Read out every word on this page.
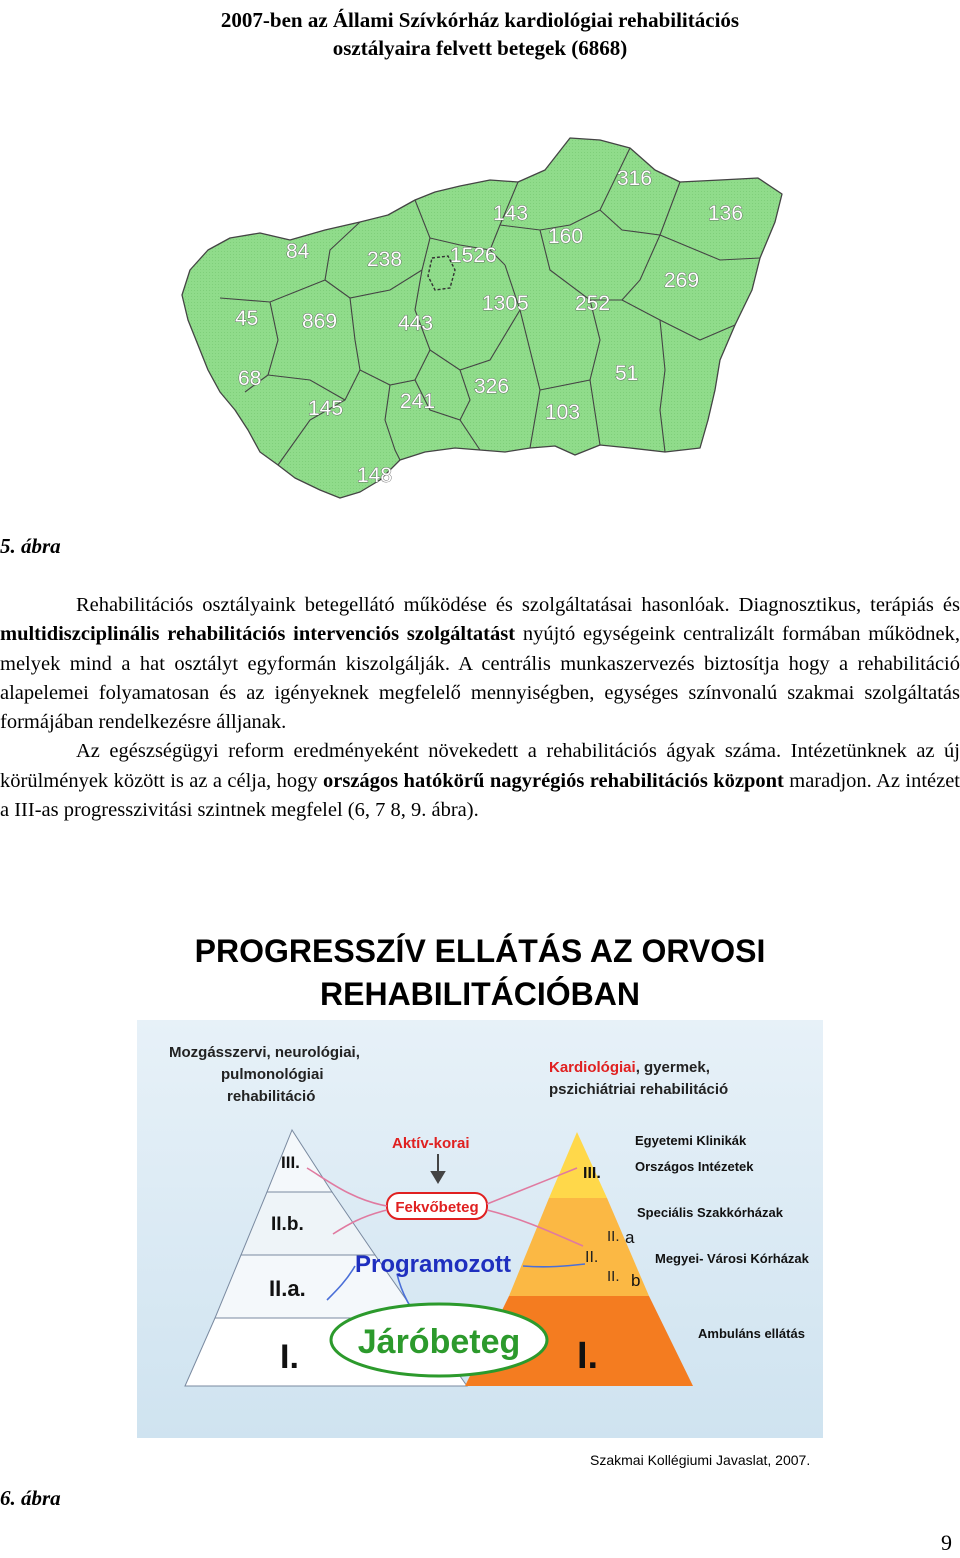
2007-ben az Állami Szívkórház kardiológiai rehabilitációs
osztályaira felvett betegek (6868)
316
143	136
160
84	238 1526
269
1305 252
45 869	443
68	326
51
241
145	103
148
5. ábra

Rehabilitációs osztályaink betegellátó működése és szolgáltatásai hasonlóak. Diagnosztikus, terápiás és multidiszciplinális rehabilitációs intervenciós szolgáltatást nyújtó egységeink centralizált formában működnek, melyek mind a hat osztályt egyformán kiszolgálják. A centrális munkaszervezés biztosítja hogy a rehabilitáció alapelemei folyamatosan és az igényeknek megfelelő mennyiségben, egységes színvonalú szakmai szolgáltatás formájában rendelkezésre álljanak.

Az egészségügyi reform eredményeként növekedett a rehabilitációs ágyak száma. Intézetünknek az új körülmények között is az a célja, hogy országos hatókörű nagyrégiós rehabilitációs központ maradjon. Az intézet a III-as progresszivitási szintnek megfelel (6, 7 8, 9. ábra).

PROGRESSZÍV ELLÁTÁS AZ ORVOSI
REHABILITÁCIÓBAN
Mozgásszervi, neurológiai,
pulmonológiai
rehabilitáció
Kardiológiai, gyermek,
pszichiátriai rehabilitáció
III.
II.b.
II.a.
I.
III.
II. a
II.
II. b
I.
Aktív-korai
Fekvőbeteg
Programozott
Járóbeteg
Egyetemi Klinikák
Országos Intézetek
Speciális Szakkórházak
Megyei- Városi Kórházak
Ambuláns ellátás
Szakmai Kollégiumi Javaslat, 2007.
6. ábra
9
